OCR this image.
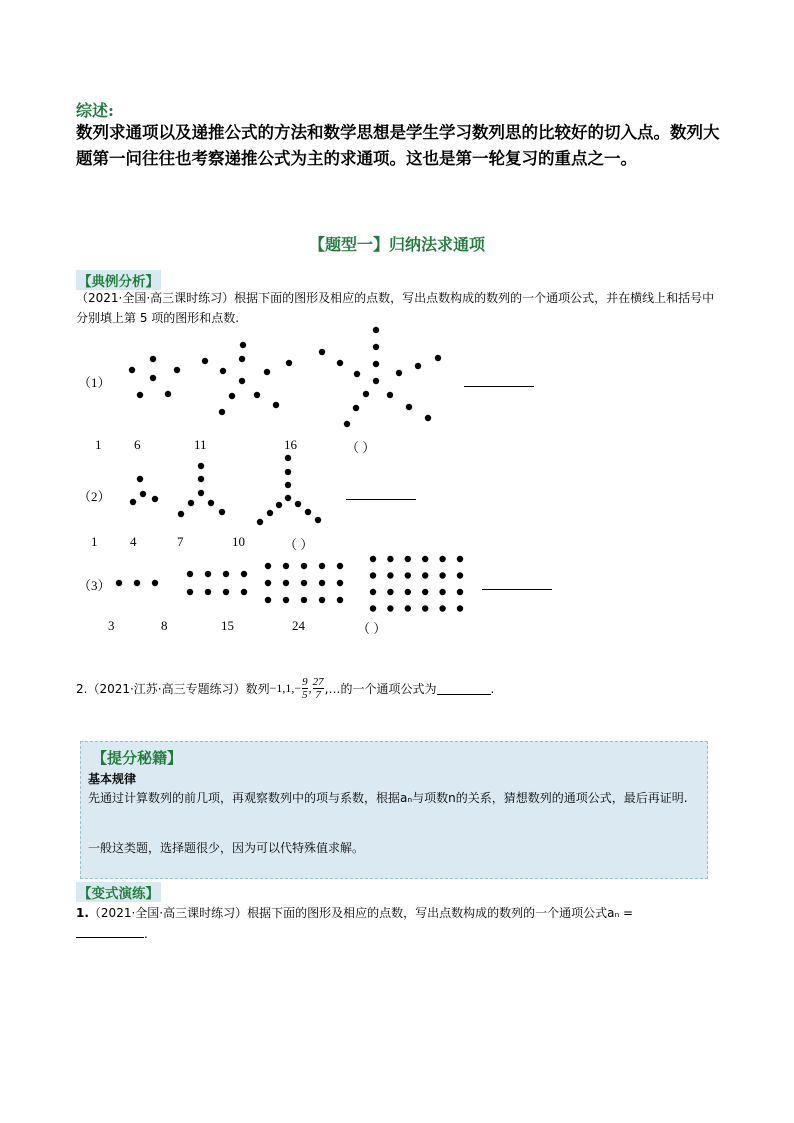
综述:
数列求通项以及递推公式的方法和数学思想是学生学习数列思的比较好的切入点。数列大题第一问往往也考察递推公式为主的求通项。这也是第一轮复习的重点之一。
【题型一】归纳法求通项
【典例分析】
（2021·全国·高三课时练习）根据下面的图形及相应的点数，写出点数构成的数列的一个通项公式，并在横线上和括号中分别填上第 5 项的图形和点数.
（1）
（2）
（3）
1	6	11	16	（ ）
1	4	7	10	（ ）
3	8	15	24	（ ）
2.（2021·江苏·高三专题练习）数列 $-1,1,- \frac{9}{5}$ , $\frac{27}{7}$ ,…的一个通项公式为	.
【提分秘籍】
基本规律
先通过计算数列的前几项，再观察数列中的项与系数，根据aₙ与项数n的关系，猜想数列的通项公式，最后再证明.
一般这类题，选择题很少，因为可以代特殊值求解。
【变式演练】
1.（2021·全国·高三课时练习）根据下面的图形及相应的点数，写出点数构成的数列的一个通项公式aₙ =
.
